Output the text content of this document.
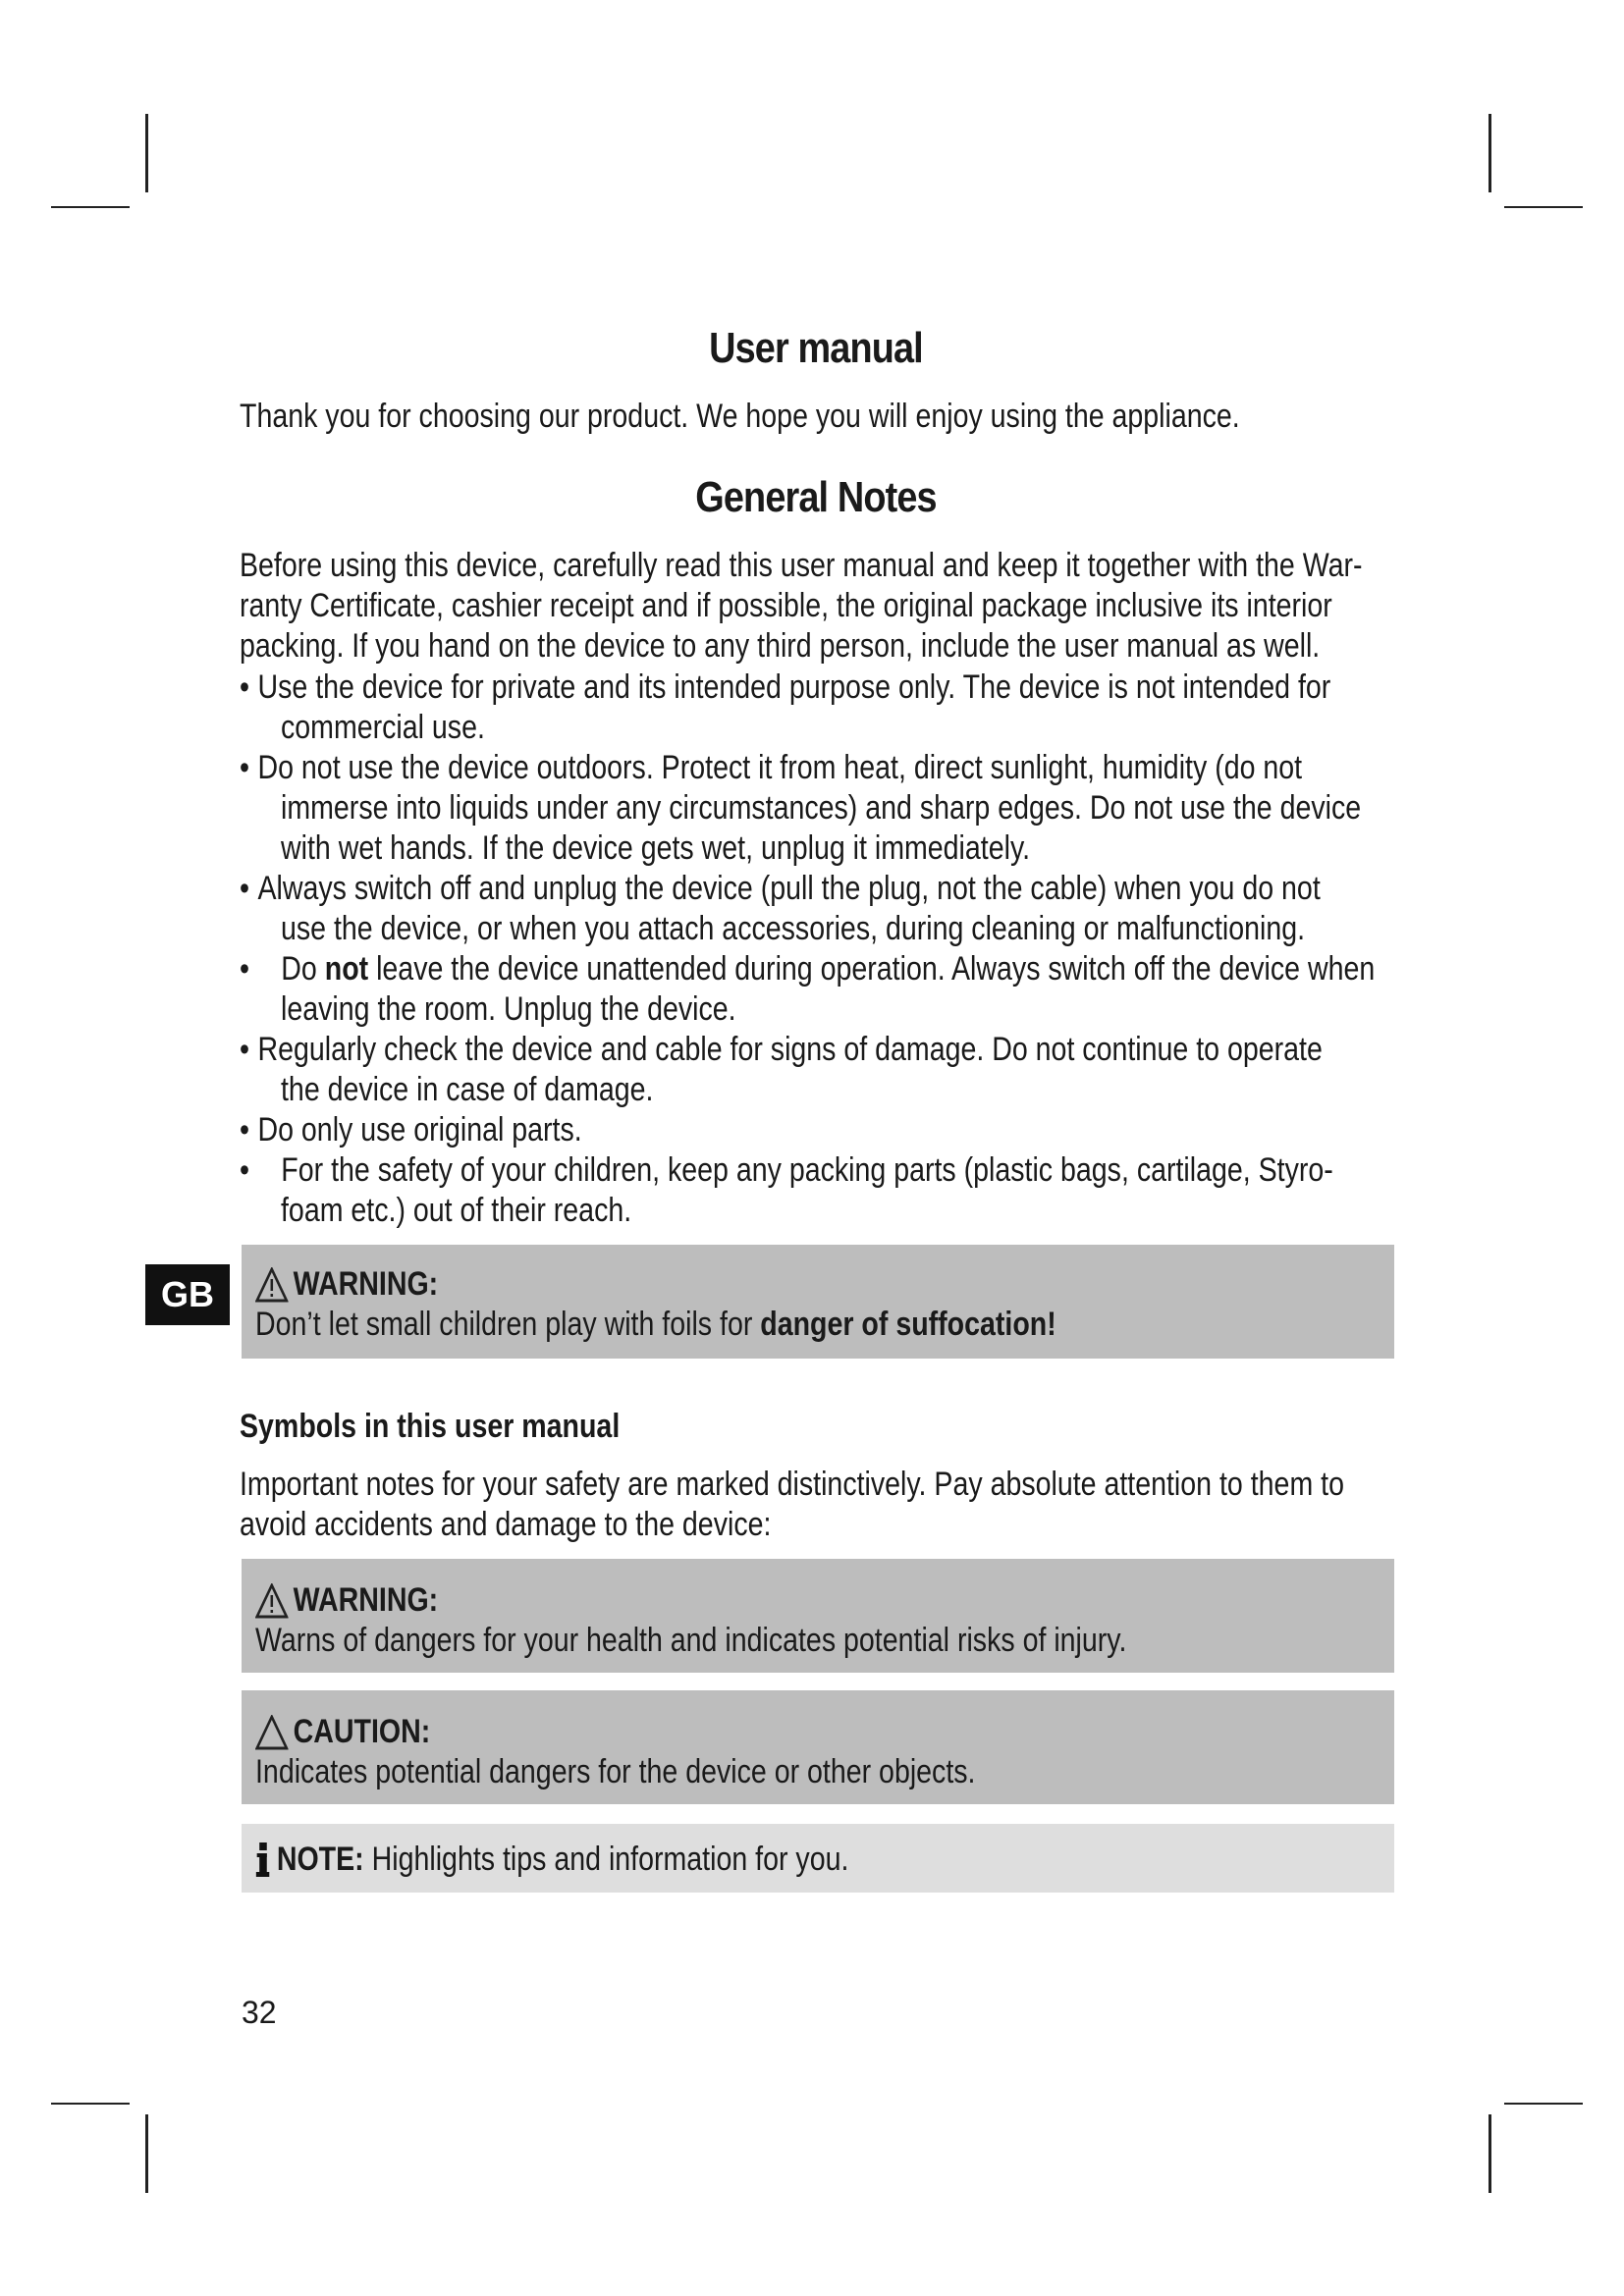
User manual
Thank you for choosing our product. We hope you will enjoy using the appliance.
General Notes
Before using this device, carefully read this user manual and keep it together with the War-
ranty Certificate, cashier receipt and if possible, the original package inclusive its interior
packing. If you hand on the device to any third person, include the user manual as well.
• Use the device for private and its intended purpose only. The device is not intended for
commercial use.
• Do not use the device outdoors. Protect it from heat, direct sunlight, humidity (do not
immerse into liquids under any circumstances) and sharp edges. Do not use the device
with wet hands. If the device gets wet, unplug it immediately.
• Always switch off and unplug the device (pull the plug, not the cable) when you do not
use the device, or when you attach accessories, during cleaning or malfunctioning.
• Do not leave the device unattended during operation. Always switch off the device when
leaving the room. Unplug the device.
• Regularly check the device and cable for signs of damage. Do not continue to operate
the device in case of damage.
• Do only use original parts.
• For the safety of your children, keep any packing parts (plastic bags, cartilage, Styro-
foam etc.) out of their reach.
GB	WARNING:
Don’t let small children play with foils for danger of suffocation!
Symbols in this user manual
Important notes for your safety are marked distinctively. Pay absolute attention to them to
avoid accidents and damage to the device:
WARNING:
Warns of dangers for your health and indicates potential risks of injury.
CAUTION:
Indicates potential dangers for the device or other objects.
NOTE: Highlights tips and information for you.
32
